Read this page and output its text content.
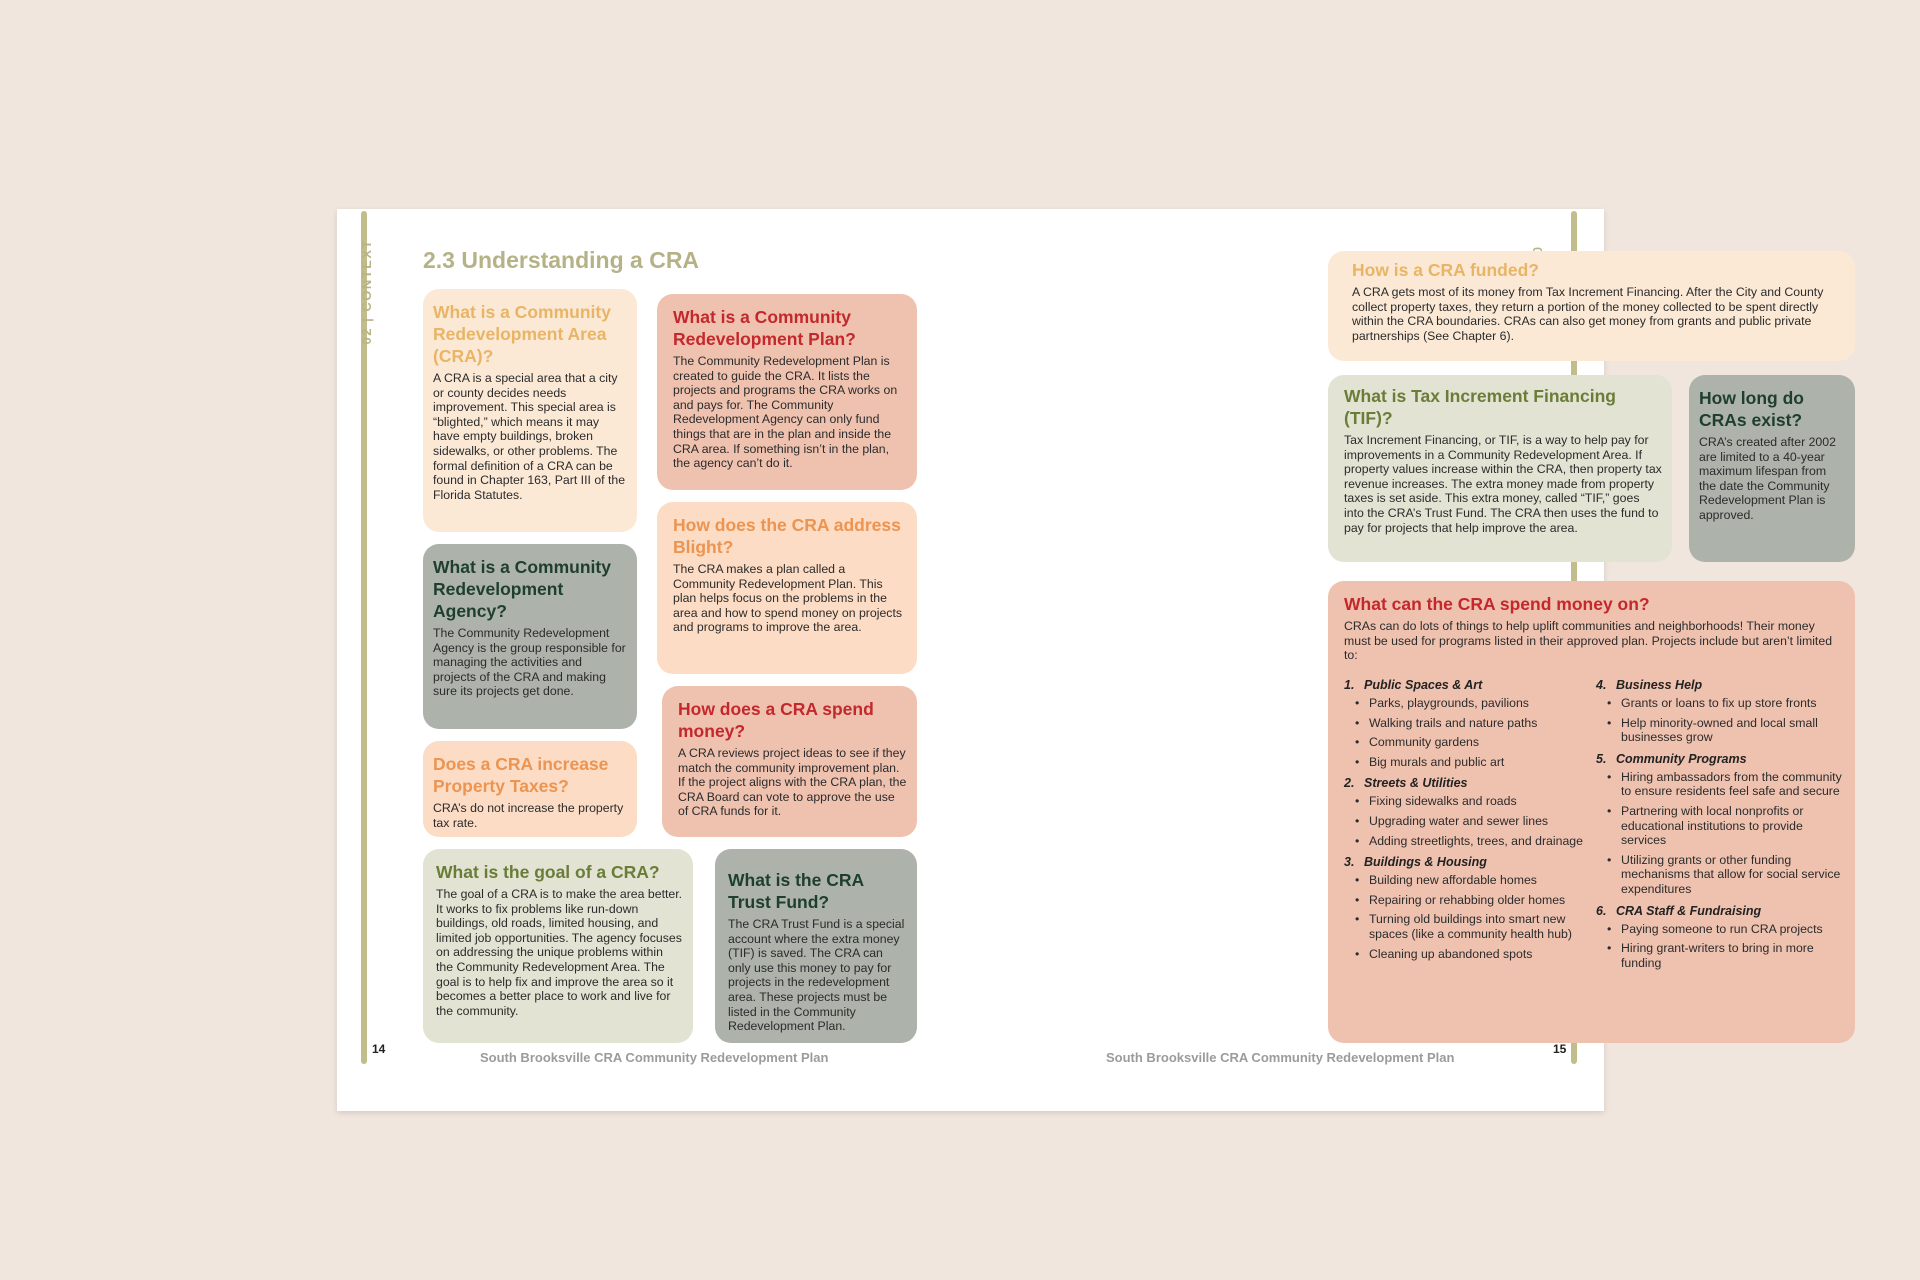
02 | CONTEXT 2.3 Understanding a CRA
What is a Community Redevelopment Area (CRA)?

A CRA is a special area that a city or county decides needs improvement. This special area is “blighted,” which means it may have empty buildings, broken sidewalks, or other problems. The formal definition of a CRA can be found in Chapter 163, Part III of the Florida Statutes.

What is a Community Redevelopment Plan?

The Community Redevelopment Plan is created to guide the CRA. It lists the projects and programs the CRA works on and pays for. The Community Redevelopment Agency can only fund things that are in the plan and inside the CRA area. If something isn’t in the plan, the agency can’t do it.

What is a Community Redevelopment Agency?

The Community Redevelopment Agency is the group responsible for managing the activities and projects of the CRA and making sure its projects get done.

How does the CRA address Blight?

The CRA makes a plan called a Community Redevelopment Plan. This plan helps focus on the problems in the area and how to spend money on projects and programs to improve the area.

Does a CRA increase Property Taxes?

CRA’s do not increase the property tax rate.

How does a CRA spend money?

A CRA reviews project ideas to see if they match the community improvement plan. If the project aligns with the CRA plan, the CRA Board can vote to approve the use of CRA funds for it.

What is the goal of a CRA?

The goal of a CRA is to make the area better. It works to fix problems like run-down buildings, old roads, limited housing, and limited job opportunities. The agency focuses on addressing the unique problems within the Community Redevelopment Area. The goal is to help fix and improve the area so it becomes a better place to work and live for the community.

What is the CRA Trust Fund?

The CRA Trust Fund is a special account where the extra money (TIF) is saved. The CRA can only use this money to pay for projects in the redevelopment area. These projects must be listed in the Community Redevelopment Plan.

14
South Brooksville CRA Community Redevelopment Plan
How is a CRA funded?

A CRA gets most of its money from Tax Increment Financing. After the City and County collect property taxes, they return a portion of the money collected to be spent directly within the CRA boundaries. CRAs can also get money from grants and public private partnerships (See Chapter 6).

What is Tax Increment Financing (TIF)?

Tax Increment Financing, or TIF, is a way to help pay for improvements in a Community Redevelopment Area. If property values increase within the CRA, then property tax revenue increases. The extra money made from property taxes is set aside. This extra money, called “TIF,” goes into the CRA’s Trust Fund. The CRA then uses the fund to pay for projects that help improve the area.

How long do CRAs exist?

CRA’s created after 2002 are limited to a 40-year maximum lifespan from the date the Community Redevelopment Plan is approved.

What can the CRA spend money on?

CRAs can do lots of things to help uplift communities and neighborhoods! Their money must be used for programs listed in their approved plan. Projects include but aren’t limited to:

1. Public Spaces & Art
• Parks, playgrounds, pavilions
• Walking trails and nature paths
• Community gardens
• Big murals and public art
2. Streets & Utilities
• Fixing sidewalks and roads
• Upgrading water and sewer lines
• Adding streetlights, trees, and drainage
3. Buildings & Housing
• Building new affordable homes
• Repairing or rehabbing older homes
• Turning old buildings into smart new spaces (like a community health hub)
• Cleaning up abandoned spots
4. Business Help
• Grants or loans to fix up store fronts
• Help minority-owned and local small businesses grow
5. Community Programs
• Hiring ambassadors from the community to ensure residents feel safe and secure
• Partnering with local nonprofits or educational institutions to provide services
• Utilizing grants or other funding mechanisms that allow for social service expenditures
6. CRA Staff & Fundraising
• Paying someone to run CRA projects
• Hiring grant-writers to bring in more funding
15
South Brooksville CRA Community Redevelopment Plan
